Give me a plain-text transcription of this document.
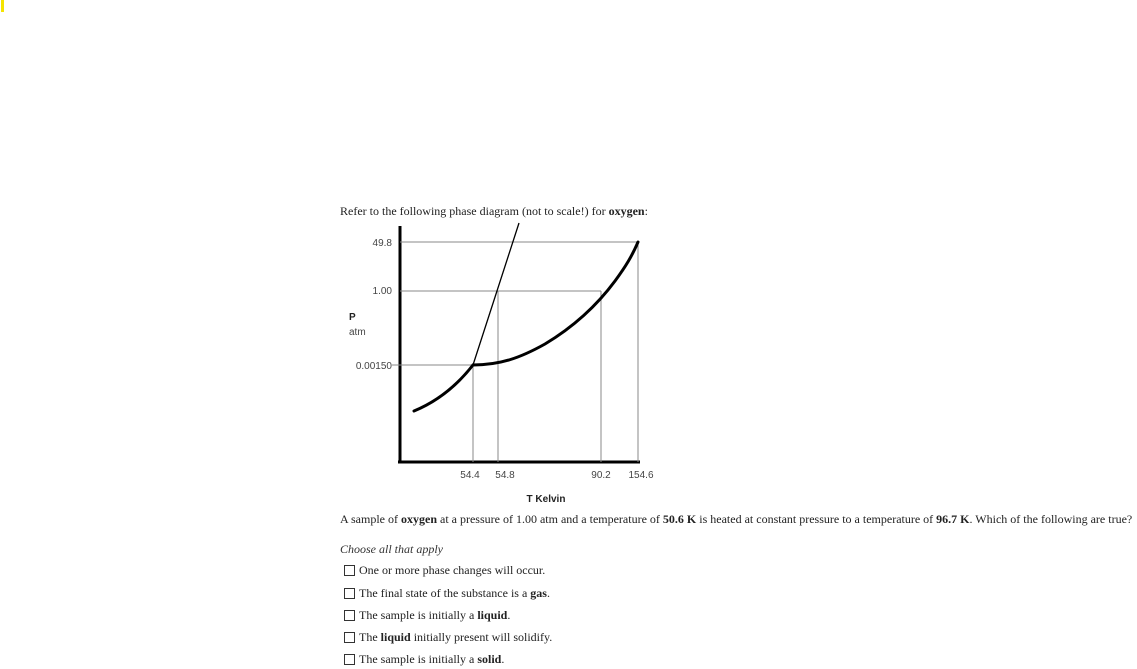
Refer to the following phase diagram (not to scale!) for oxygen:
49.8
1.00
0.00150
P
atm
54.4 54.8	90.2 154.6
T Kelvin
A sample of oxygen at a pressure of 1.00 atm and a temperature of 50.6 K is heated at constant pressure to a temperature of 96.7 K. Which of the following are true?
Choose all that apply
One or more phase changes will occur.
The final state of the substance is a gas.
The sample is initially a liquid.
The liquid initially present will solidify.
The sample is initially a solid.
